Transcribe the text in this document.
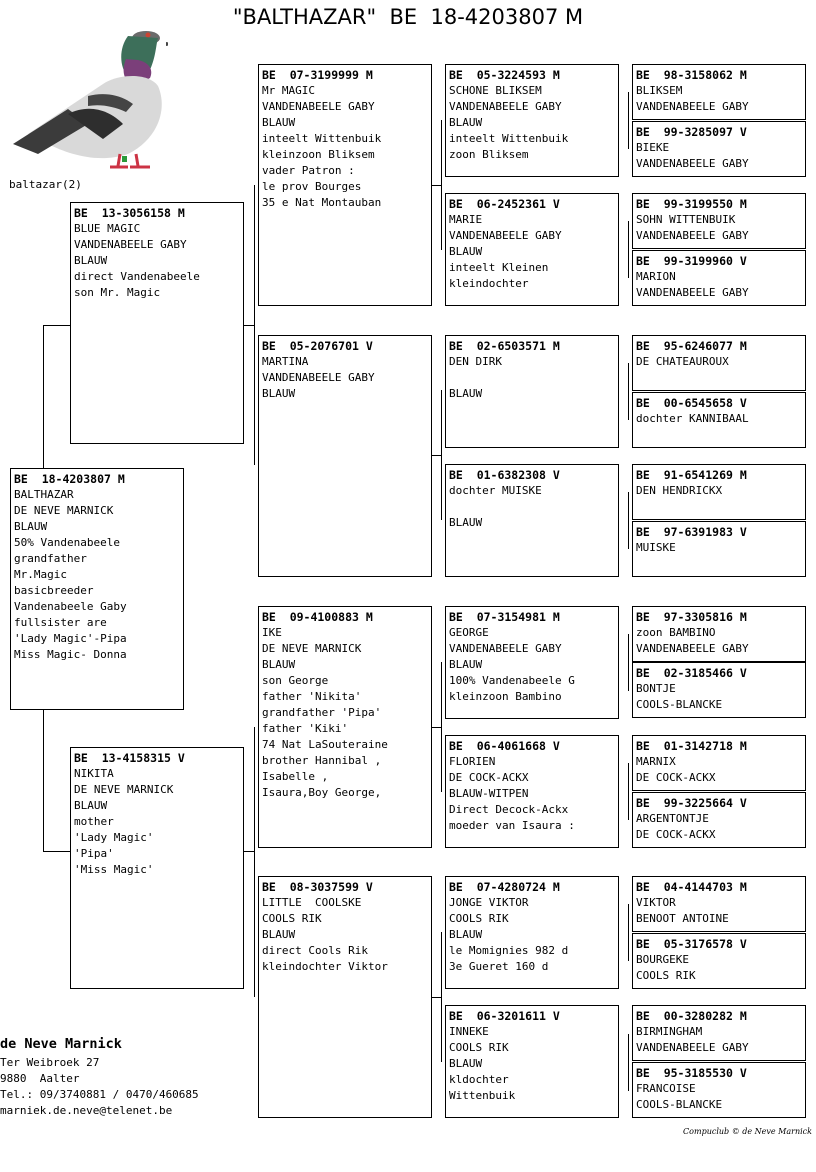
"BALTHAZAR"  BE  18-4203807 M
baltazar(2)
BE  18-4203807 M
BALTHAZAR
DE NEVE MARNICK
BLAUW
50% Vandenabeele
grandfather
Mr.Magic
basicbreeder
Vandenabeele Gaby
fullsister are
'Lady Magic'-Pipa
Miss Magic- Donna
BE  13-3056158 M
BLUE MAGIC
VANDENABEELE GABY
BLAUW
direct Vandenabeele
son Mr. Magic
BE  13-4158315 V
NIKITA
DE NEVE MARNICK
BLAUW
mother
'Lady Magic'
'Pipa'
'Miss Magic'
BE  07-3199999 M
Mr MAGIC
VANDENABEELE GABY
BLAUW
inteelt Wittenbuik
kleinzoon Bliksem
vader Patron :
le prov Bourges
35 e Nat Montauban
BE  05-2076701 V
MARTINA
VANDENABEELE GABY
BLAUW
BE  09-4100883 M
IKE
DE NEVE MARNICK
BLAUW
son George
father 'Nikita'
grandfather 'Pipa'
father 'Kiki'
74 Nat LaSouteraine
brother Hannibal ,
Isabelle ,
Isaura,Boy George,
BE  08-3037599 V
LITTLE  COOLSKE
COOLS RIK
BLAUW
direct Cools Rik
kleindochter Viktor
BE  05-3224593 M
SCHONE BLIKSEM
VANDENABEELE GABY
BLAUW
inteelt Wittenbuik
zoon Bliksem
BE  06-2452361 V
MARIE
VANDENABEELE GABY
BLAUW
inteelt Kleinen
kleindochter
BE  02-6503571 M
DEN DIRK
BLAUW
BE  01-6382308 V
dochter MUISKE
BLAUW
BE  07-3154981 M
GEORGE
VANDENABEELE GABY
BLAUW
100% Vandenabeele G
kleinzoon Bambino
BE  06-4061668 V
FLORIEN
DE COCK-ACKX
BLAUW-WITPEN
Direct Decock-Ackx
moeder van Isaura :
BE  07-4280724 M
JONGE VIKTOR
COOLS RIK
BLAUW
le Momignies 982 d
3e Gueret 160 d
BE  06-3201611 V
INNEKE
COOLS RIK
BLAUW
kldochter
Wittenbuik
BE  98-3158062 M
BLIKSEM
VANDENABEELE GABY
BE  99-3285097 V
BIEKE
VANDENABEELE GABY
BE  99-3199550 M
SOHN WITTENBUIK
VANDENABEELE GABY
BE  99-3199960 V
MARION
VANDENABEELE GABY
BE  95-6246077 M
DE CHATEAUROUX
BE  00-6545658 V
dochter KANNIBAAL
BE  91-6541269 M
DEN HENDRICKX
BE  97-6391983 V
MUISKE
BE  97-3305816 M
zoon BAMBINO
VANDENABEELE GABY
BE  02-3185466 V
BONTJE
COOLS-BLANCKE
BE  01-3142718 M
MARNIX
DE COCK-ACKX
BE  99-3225664 V
ARGENTONTJE
DE COCK-ACKX
BE  04-4144703 M
VIKTOR
BENOOT ANTOINE
BE  05-3176578 V
BOURGEKE
COOLS RIK
BE  00-3280282 M
BIRMINGHAM
VANDENABEELE GABY
BE  95-3185530 V
FRANCOISE
COOLS-BLANCKE
de Neve Marnick
Ter Weibroek 27
9880  Aalter
Tel.: 09/3740881 / 0470/460685
marniek.de.neve@telenet.be
Compuclub © de Neve Marnick
